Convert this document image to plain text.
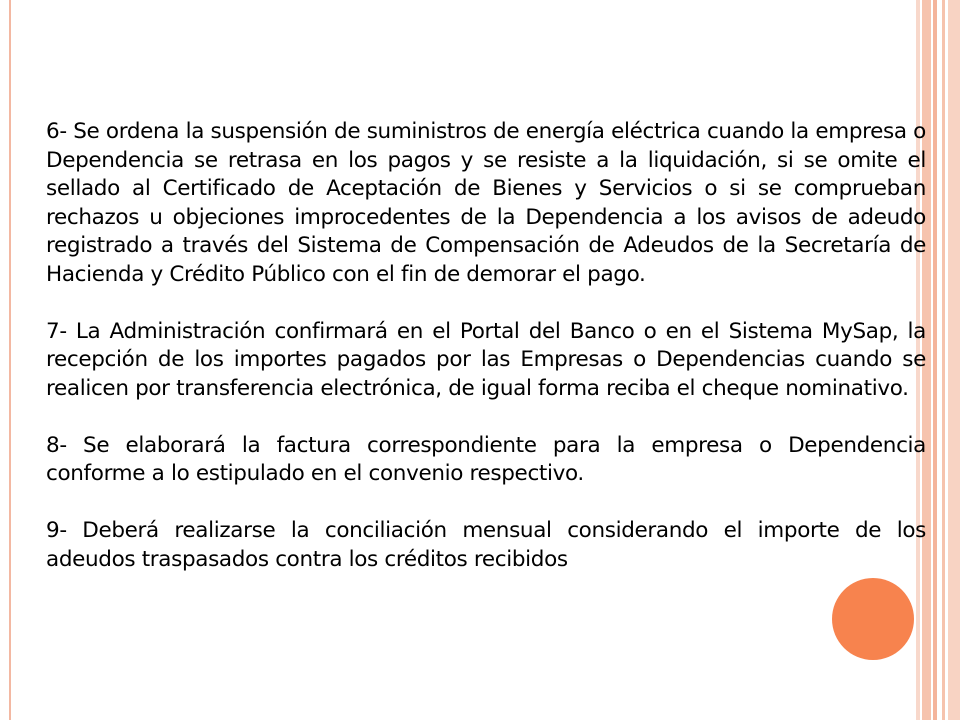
6- Se ordena la suspensión de suministros de energía eléctrica cuando la empresa o Dependencia se retrasa en los pagos y se resiste a la liquidación, si se omite el sellado al Certificado de Aceptación de Bienes y Servicios o si se comprueban rechazos u objeciones improcedentes de la Dependencia a los avisos de adeudo registrado a través del Sistema de Compensación de Adeudos de la Secretaría de Hacienda y Crédito Público con el fin de demorar el pago.

7- La Administración confirmará en el Portal del Banco o en el Sistema MySap, la recepción de los importes pagados por las Empresas o Dependencias cuando se realicen por transferencia electrónica, de igual forma reciba el cheque nominativo.

8- Se elaborará la factura correspondiente para la empresa o Dependencia conforme a lo estipulado en el convenio respectivo.

9- Deberá realizarse la conciliación mensual considerando el importe de los adeudos traspasados contra los créditos recibidos
